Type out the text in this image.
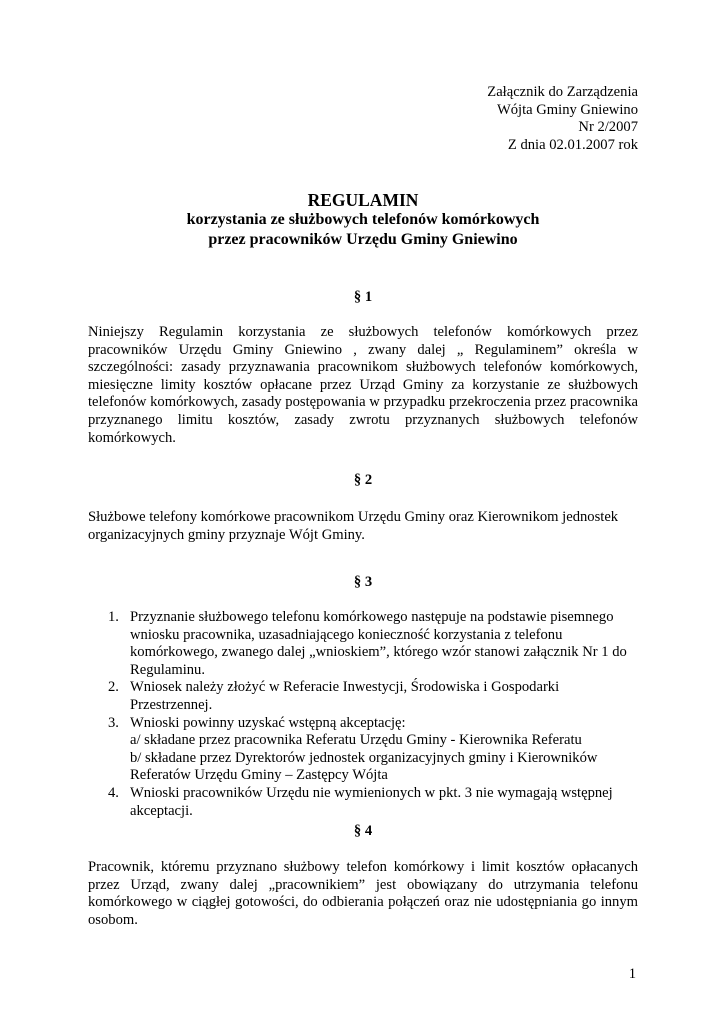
Załącznik do Zarządzenia
Wójta Gminy Gniewino
Nr 2/2007
Z dnia 02.01.2007 rok
REGULAMIN
korzystania ze służbowych telefonów komórkowych
przez pracowników Urzędu Gminy Gniewino
§ 1
Niniejszy Regulamin korzystania ze służbowych telefonów komórkowych przez pracowników Urzędu Gminy Gniewino , zwany dalej „ Regulaminem” określa w szczególności: zasady przyznawania pracownikom służbowych telefonów komórkowych, miesięczne limity kosztów opłacane przez Urząd Gminy za korzystanie ze służbowych telefonów komórkowych, zasady postępowania w przypadku przekroczenia przez pracownika przyznanego limitu kosztów, zasady zwrotu przyznanych służbowych telefonów komórkowych.
§ 2
Służbowe telefony komórkowe pracownikom Urzędu Gminy oraz Kierownikom jednostek organizacyjnych gminy przyznaje Wójt Gminy.
§ 3
1. Przyznanie służbowego telefonu komórkowego następuje na podstawie pisemnego wniosku pracownika, uzasadniającego konieczność korzystania z telefonu komórkowego, zwanego dalej „wnioskiem”, którego wzór stanowi załącznik Nr 1 do Regulaminu.
2. Wniosek należy złożyć w Referacie Inwestycji, Środowiska i Gospodarki Przestrzennej.
3. Wnioski powinny uzyskać wstępną akceptację:
a/ składane przez pracownika Referatu Urzędu Gminy - Kierownika Referatu
b/ składane przez Dyrektorów jednostek organizacyjnych gminy i Kierowników Referatów Urzędu Gminy – Zastępcy Wójta
4. Wnioski pracowników Urzędu nie wymienionych w pkt. 3 nie wymagają wstępnej akceptacji.
§ 4
Pracownik, któremu przyznano służbowy telefon komórkowy i limit kosztów opłacanych przez Urząd, zwany dalej „pracownikiem” jest obowiązany do utrzymania telefonu komórkowego w ciągłej gotowości, do odbierania połączeń oraz nie udostępniania go innym osobom.
1
